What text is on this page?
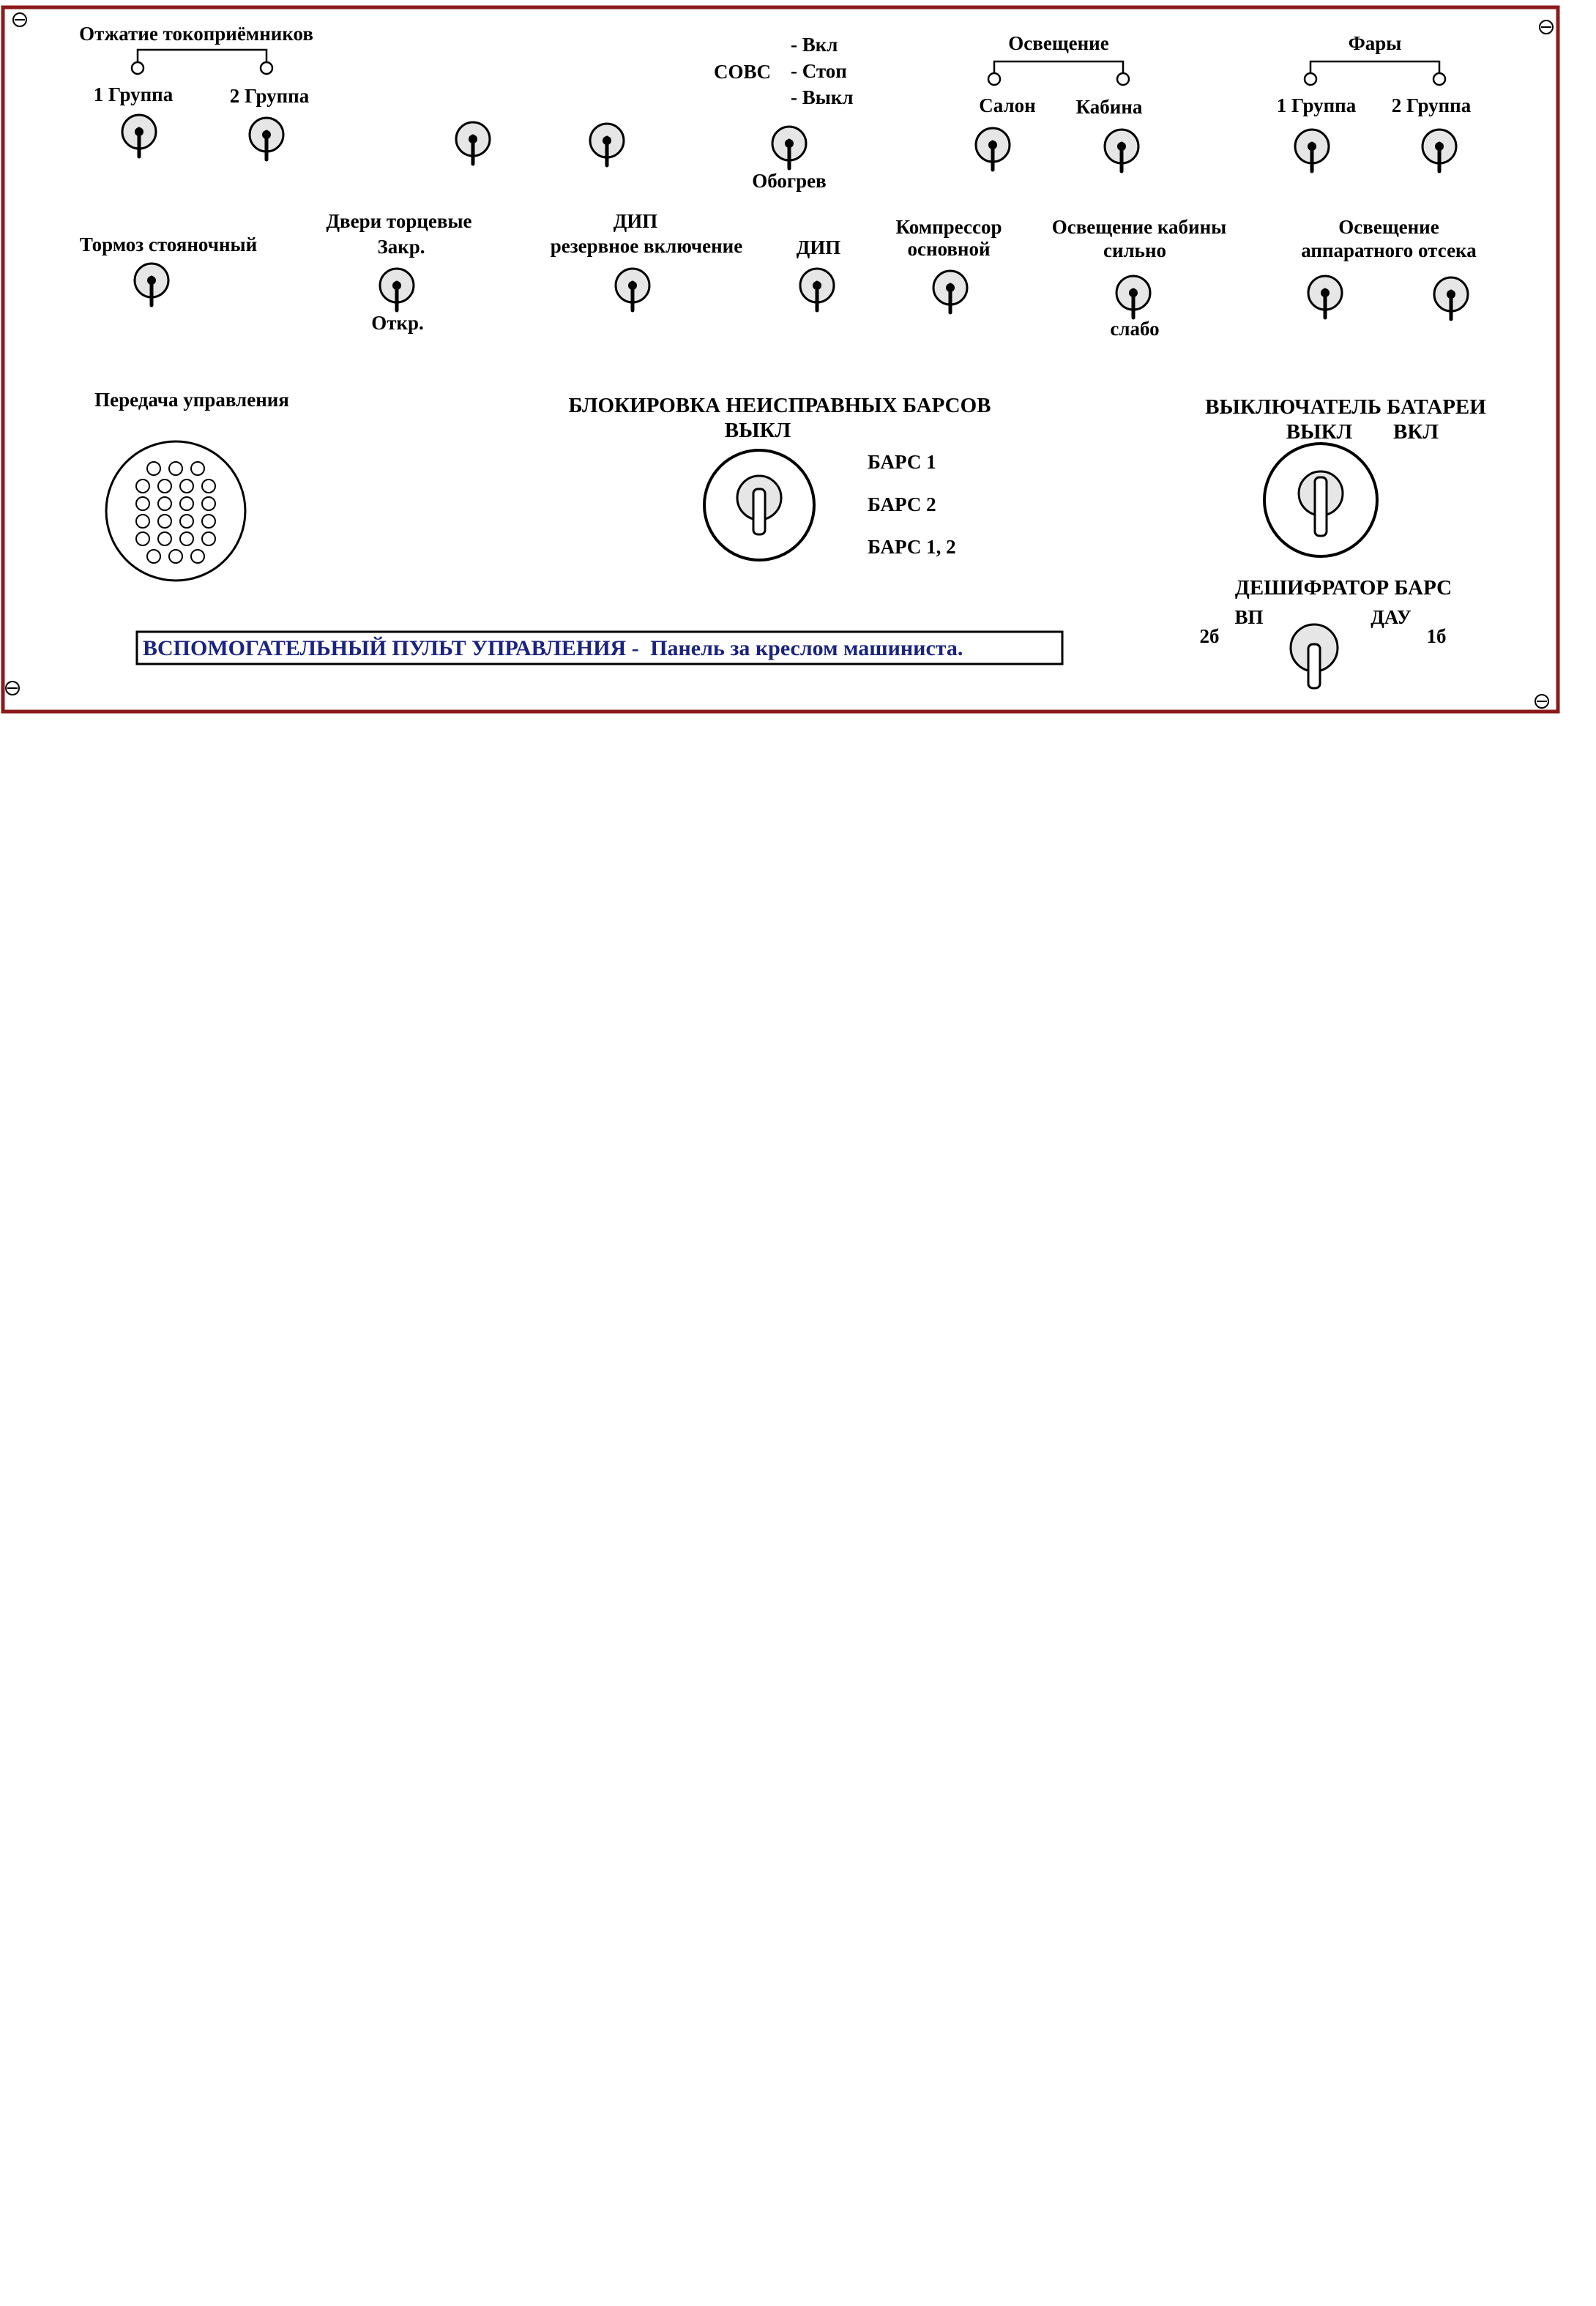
ВСПОМОГАТЕЛЬНЫЙ ПУЛЬТ УПРАВЛЕНИЯ - Панель за креслом машиниста.
Отжатие токоприёмников
1 Группа	2 Группа
СОВС
- Вкл
- Стоп
- Выкл
Обогрев
Освещение
Салон Кабина
Фары
1 Группа 2 Группа
Тормоз стояночный
Двери торцевые
Закр.
Откр.
ДИП
резервное включение	ДИП
Компрессор
основной
Освещение кабины
сильно
слабо
Освещение
аппаратного отсека
Передача управления	БЛОКИРОВКА НЕИСПРАВНЫХ БАРСОВ
ВЫКЛ
БАРС 1
БАРС 2
БАРС 1, 2
ВЫКЛЮЧАТЕЛЬ БАТАРЕИ
ВЫКЛ ВКЛ
ДЕШИФРАТОР БАРС
ВП	ДАУ
2б	1б
